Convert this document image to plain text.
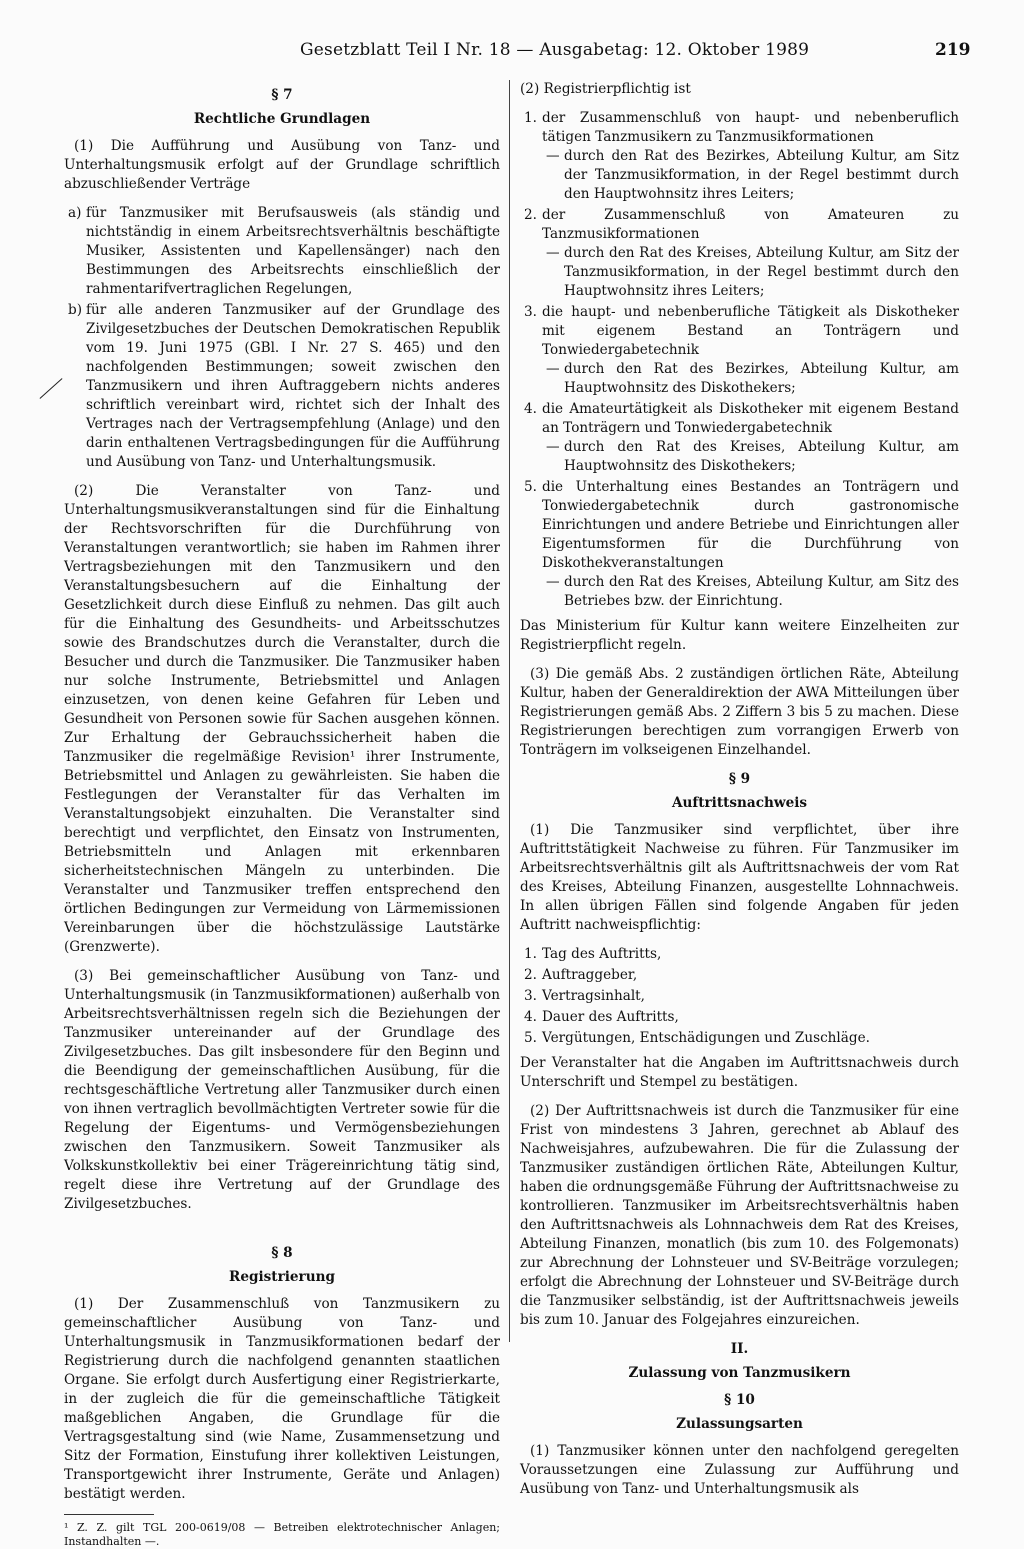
Gesetzblatt Teil I Nr. 18 — Ausgabetag: 12. Oktober 1989	219
§ 7
Rechtliche Grundlagen

(1) Die Aufführung und Ausübung von Tanz- und Unterhaltungsmusik erfolgt auf der Grundlage schriftlich abzuschließender Verträge

a) für Tanzmusiker mit Berufsausweis (als ständig und nichtständig in einem Arbeitsrechtsverhältnis beschäftigte Musiker, Assistenten und Kapellensänger) nach den Bestimmungen des Arbeitsrechts einschließlich der rahmentarifvertraglichen Regelungen,
b) für alle anderen Tanzmusiker auf der Grundlage des Zivilgesetzbuches der Deutschen Demokratischen Republik vom 19. Juni 1975 (GBl. I Nr. 27 S. 465) und den nachfolgenden Bestimmungen; soweit zwischen den Tanzmusikern und ihren Auftraggebern nichts anderes schriftlich vereinbart wird, richtet sich der Inhalt des Vertrages nach der Vertragsempfehlung (Anlage) und den darin enthaltenen Vertragsbedingungen für die Aufführung und Ausübung von Tanz- und Unterhaltungsmusik.

(2) Die Veranstalter von Tanz- und Unterhaltungsmusikveranstaltungen sind für die Einhaltung der Rechtsvorschriften für die Durchführung von Veranstaltungen verantwortlich; sie haben im Rahmen ihrer Vertragsbeziehungen mit den Tanzmusikern und den Veranstaltungsbesuchern auf die Einhaltung der Gesetzlichkeit durch diese Einfluß zu nehmen. Das gilt auch für die Einhaltung des Gesundheits- und Arbeitsschutzes sowie des Brandschutzes durch die Veranstalter, durch die Besucher und durch die Tanzmusiker. Die Tanzmusiker haben nur solche Instrumente, Betriebsmittel und Anlagen einzusetzen, von denen keine Gefahren für Leben und Gesundheit von Personen sowie für Sachen ausgehen können. Zur Erhaltung der Gebrauchssicherheit haben die Tanzmusiker die regelmäßige Revision¹ ihrer Instrumente, Betriebsmittel und Anlagen zu gewährleisten. Sie haben die Festlegungen der Veranstalter für das Verhalten im Veranstaltungsobjekt einzuhalten. Die Veranstalter sind berechtigt und verpflichtet, den Einsatz von Instrumenten, Betriebsmitteln und Anlagen mit erkennbaren sicherheitstechnischen Mängeln zu unterbinden. Die Veranstalter und Tanzmusiker treffen entsprechend den örtlichen Bedingungen zur Vermeidung von Lärmemissionen Vereinbarungen über die höchstzulässige Lautstärke (Grenzwerte).

(3) Bei gemeinschaftlicher Ausübung von Tanz- und Unterhaltungsmusik (in Tanzmusikformationen) außerhalb von Arbeitsrechtsverhältnissen regeln sich die Beziehungen der Tanzmusiker untereinander auf der Grundlage des Zivilgesetzbuches. Das gilt insbesondere für den Beginn und die Beendigung der gemeinschaftlichen Ausübung, für die rechtsgeschäftliche Vertretung aller Tanzmusiker durch einen von ihnen vertraglich bevollmächtigten Vertreter sowie für die Regelung der Eigentums- und Vermögensbeziehungen zwischen den Tanzmusikern. Soweit Tanzmusiker als Volkskunstkollektiv bei einer Trägereinrichtung tätig sind, regelt diese ihre Vertretung auf der Grundlage des Zivilgesetzbuches.

§ 8
Registrierung

(1) Der Zusammenschluß von Tanzmusikern zu gemeinschaftlicher Ausübung von Tanz- und Unterhaltungsmusik in Tanzmusikformationen bedarf der Registrierung durch die nachfolgend genannten staatlichen Organe. Sie erfolgt durch Ausfertigung einer Registrierkarte, in der zugleich die für die gemeinschaftliche Tätigkeit maßgeblichen Angaben, die Grundlage für die Vertragsgestaltung sind (wie Name, Zusammensetzung und Sitz der Formation, Einstufung ihrer kollektiven Leistungen, Transportgewicht ihrer Instrumente, Geräte und Anlagen) bestätigt werden.

¹ Z. Z. gilt TGL 200-0619/08 — Betreiben elektrotechnischer Anlagen; Instandhalten —.

(2) Registrierpflichtig ist

1. der Zusammenschluß von haupt- und nebenberuflich tätigen Tanzmusikern zu Tanzmusikformationen
— durch den Rat des Bezirkes, Abteilung Kultur, am Sitz der Tanzmusikformation, in der Regel bestimmt durch den Hauptwohnsitz ihres Leiters;
2. der Zusammenschluß von Amateuren zu Tanzmusikformationen
— durch den Rat des Kreises, Abteilung Kultur, am Sitz der Tanzmusikformation, in der Regel bestimmt durch den Hauptwohnsitz ihres Leiters;
3. die haupt- und nebenberufliche Tätigkeit als Diskotheker mit eigenem Bestand an Tonträgern und Tonwiedergabetechnik
— durch den Rat des Bezirkes, Abteilung Kultur, am Hauptwohnsitz des Diskothekers;
4. die Amateurtätigkeit als Diskotheker mit eigenem Bestand an Tonträgern und Tonwiedergabetechnik
— durch den Rat des Kreises, Abteilung Kultur, am Hauptwohnsitz des Diskothekers;
5. die Unterhaltung eines Bestandes an Tonträgern und Tonwiedergabetechnik durch gastronomische Einrichtungen und andere Betriebe und Einrichtungen aller Eigentumsformen für die Durchführung von Diskothekveranstaltungen
— durch den Rat des Kreises, Abteilung Kultur, am Sitz des Betriebes bzw. der Einrichtung.

Das Ministerium für Kultur kann weitere Einzelheiten zur Registrierpflicht regeln.

(3) Die gemäß Abs. 2 zuständigen örtlichen Räte, Abteilung Kultur, haben der Generaldirektion der AWA Mitteilungen über Registrierungen gemäß Abs. 2 Ziffern 3 bis 5 zu machen. Diese Registrierungen berechtigen zum vorrangigen Erwerb von Tonträgern im volkseigenen Einzelhandel.

§ 9
Auftrittsnachweis

(1) Die Tanzmusiker sind verpflichtet, über ihre Auftrittstätigkeit Nachweise zu führen. Für Tanzmusiker im Arbeitsrechtsverhältnis gilt als Auftrittsnachweis der vom Rat des Kreises, Abteilung Finanzen, ausgestellte Lohnnachweis. In allen übrigen Fällen sind folgende Angaben für jeden Auftritt nachweispflichtig:

1. Tag des Auftritts,
2. Auftraggeber,
3. Vertragsinhalt,
4. Dauer des Auftritts,
5. Vergütungen, Entschädigungen und Zuschläge.

Der Veranstalter hat die Angaben im Auftrittsnachweis durch Unterschrift und Stempel zu bestätigen.

(2) Der Auftrittsnachweis ist durch die Tanzmusiker für eine Frist von mindestens 3 Jahren, gerechnet ab Ablauf des Nachweisjahres, aufzubewahren. Die für die Zulassung der Tanzmusiker zuständigen örtlichen Räte, Abteilungen Kultur, haben die ordnungsgemäße Führung der Auftrittsnachweise zu kontrollieren. Tanzmusiker im Arbeitsrechtsverhältnis haben den Auftrittsnachweis als Lohnnachweis dem Rat des Kreises, Abteilung Finanzen, monatlich (bis zum 10. des Folgemonats) zur Abrechnung der Lohnsteuer und SV-Beiträge vorzulegen; erfolgt die Abrechnung der Lohnsteuer und SV-Beiträge durch die Tanzmusiker selbständig, ist der Auftrittsnachweis jeweils bis zum 10. Januar des Folgejahres einzureichen.

II.
Zulassung von Tanzmusikern
§ 10
Zulassungsarten

(1) Tanzmusiker können unter den nachfolgend geregelten Voraussetzungen eine Zulassung zur Aufführung und Ausübung von Tanz- und Unterhaltungsmusik als
